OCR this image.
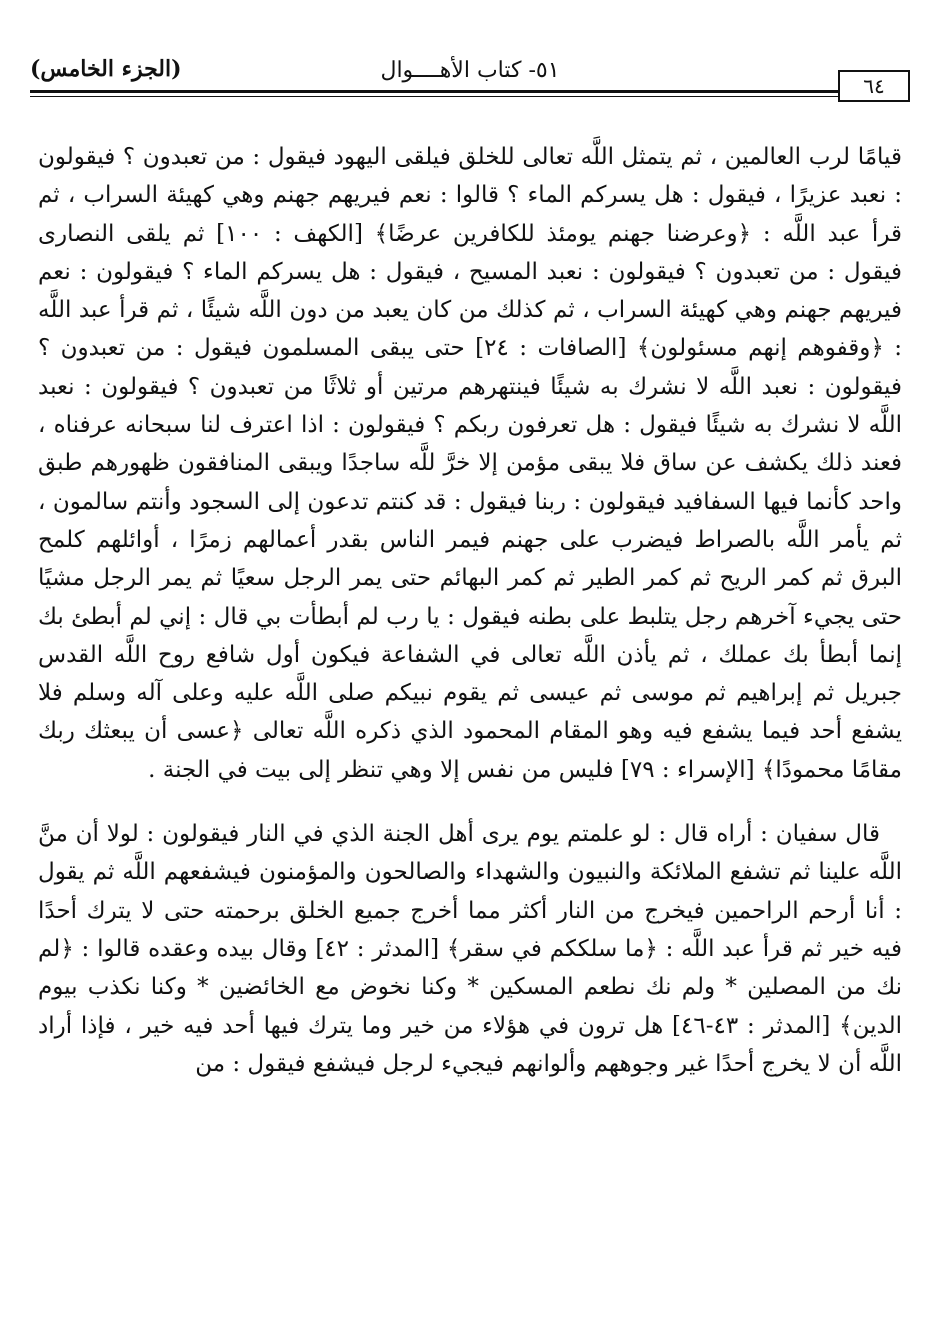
٦٤
٥١- كتاب الأهــــوال
(الجزء الخامس)

قيامًا لرب العالمين ، ثم يتمثل اللَّه تعالى للخلق فيلقى اليهود فيقول : من تعبدون ؟ فيقولون : نعبد عزيرًا ، فيقول : هل يسركم الماء ؟ قالوا : نعم فيريهم جهنم وهي كهيئة السراب ، ثم قرأ عبد اللَّه : ﴿وعرضنا جهنم يومئذ للكافرين عرضًا﴾ [الكهف : ١٠٠] ثم يلقى النصارى فيقول : من تعبدون ؟ فيقولون : نعبد المسيح ، فيقول : هل يسركم الماء ؟ فيقولون : نعم فيريهم جهنم وهي كهيئة السراب ، ثم كذلك من كان يعبد من دون اللَّه شيئًا ، ثم قرأ عبد اللَّه : ﴿وقفوهم إنهم مسئولون﴾ [الصافات : ٢٤] حتى يبقى المسلمون فيقول : من تعبدون ؟ فيقولون : نعبد اللَّه لا نشرك به شيئًا فينتهرهم مرتين أو ثلاثًا من تعبدون ؟ فيقولون : نعبد اللَّه لا نشرك به شيئًا فيقول : هل تعرفون ربكم ؟ فيقولون : اذا اعترف لنا سبحانه عرفناه ، فعند ذلك يكشف عن ساق فلا يبقى مؤمن إلا خرَّ للَّه ساجدًا ويبقى المنافقون ظهورهم طبق واحد كأنما فيها السفافيد فيقولون : ربنا فيقول : قد كنتم تدعون إلى السجود وأنتم سالمون ، ثم يأمر اللَّه بالصراط فيضرب على جهنم فيمر الناس بقدر أعمالهم زمرًا ، أوائلهم كلمح البرق ثم كمر الريح ثم كمر الطير ثم كمر البهائم حتى يمر الرجل سعيًا ثم يمر الرجل مشيًا حتى يجيء آخرهم رجل يتلبط على بطنه فيقول : يا رب لم أبطأت بي قال : إني لم أبطئ بك إنما أبطأ بك عملك ، ثم يأذن اللَّه تعالى في الشفاعة فيكون أول شافع روح اللَّه القدس جبريل ثم إبراهيم ثم موسى ثم عيسى ثم يقوم نبيكم صلى اللَّه عليه وعلى آله وسلم فلا يشفع أحد فيما يشفع فيه وهو المقام المحمود الذي ذكره اللَّه تعالى ﴿عسى أن يبعثك ربك مقامًا محمودًا﴾ [الإسراء : ٧٩] فليس من نفس إلا وهي تنظر إلى بيت في الجنة .

قال سفيان : أراه قال : لو علمتم يوم يرى أهل الجنة الذي في النار فيقولون : لولا أن منَّ اللَّه علينا ثم تشفع الملائكة والنبيون والشهداء والصالحون والمؤمنون فيشفعهم اللَّه ثم يقول : أنا أرحم الراحمين فيخرج من النار أكثر مما أخرج جميع الخلق برحمته حتى لا يترك أحدًا فيه خير ثم قرأ عبد اللَّه : ﴿ما سلككم في سقر﴾ [المدثر : ٤٢] وقال بيده وعقده قالوا : ﴿لم نك من المصلين * ولم نك نطعم المسكين * وكنا نخوض مع الخائضين * وكنا نكذب بيوم الدين﴾ [المدثر : ٤٣-٤٦] هل ترون في هؤلاء من خير وما يترك فيها أحد فيه خير ، فإذا أراد اللَّه أن لا يخرج أحدًا غير وجوههم وألوانهم فيجيء لرجل فيشفع فيقول : من
